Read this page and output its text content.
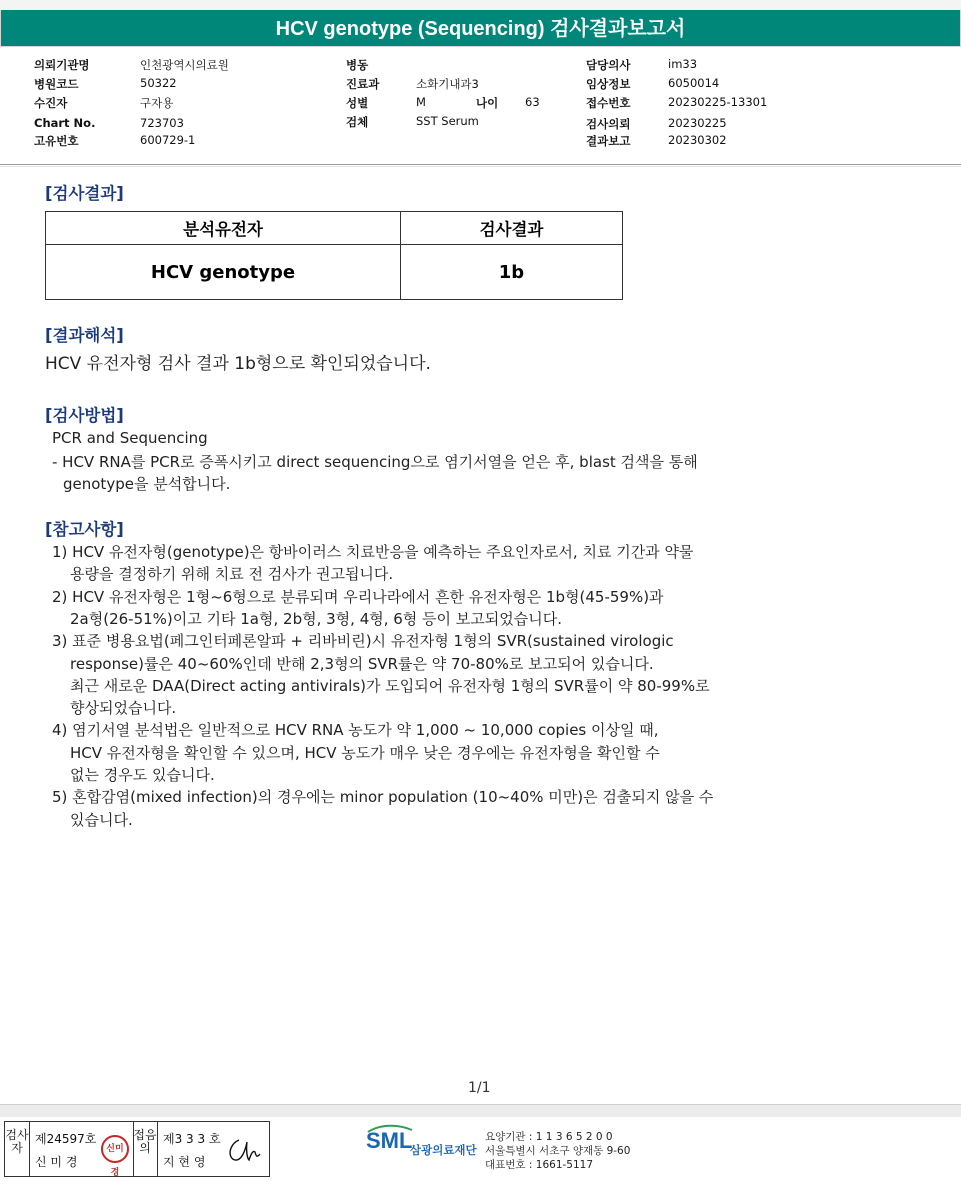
HCV genotype (Sequencing) 검사결과보고서
의뢰기관명	인천광역시의료원
병원코드	50322
수진자	구자용
Chart No.	723703
고유번호	600729-1
병동
진료과	소화기내과3
성별	M
검체	SST Serum
나이 63
담당의사	im33
임상정보	6050014
접수번호	20230225-13301
검사의뢰	20230225
결과보고	20230302
[검사결과]
분석유전자	검사결과
HCV genotype	1b
[결과해석]
HCV 유전자형 검사 결과 1b형으로 확인되었습니다.
[검사방법]
PCR and Sequencing
- HCV RNA를 PCR로 증폭시키고 direct sequencing으로 염기서열을 얻은 후, blast 검색을 통해
genotype을 분석합니다.
[참고사항]
1) HCV 유전자형(genotype)은 항바이러스 치료반응을 예측하는 주요인자로서, 치료 기간과 약물
용량을 결정하기 위해 치료 전 검사가 권고됩니다.
2) HCV 유전자형은 1형~6형으로 분류되며 우리나라에서 흔한 유전자형은 1b형(45-59%)과
2a형(26-51%)이고 기타 1a형, 2b형, 3형, 4형, 6형 등이 보고되었습니다.
3) 표준 병용요법(페그인터페론알파 + 리바비린)시 유전자형 1형의 SVR(sustained virologic
response)률은 40~60%인데 반해 2,3형의 SVR률은 약 70-80%로 보고되어 있습니다.
최근 새로운 DAA(Direct acting antivirals)가 도입되어 유전자형 1형의 SVR률이 약 80-99%로
향상되었습니다.
4) 염기서열 분석법은 일반적으로 HCV RNA 농도가 약 1,000 ~ 10,000 copies 이상일 때,
HCV 유전자형을 확인할 수 있으며, HCV 농도가 매우 낮은 경우에는 유전자형을 확인할 수
없는 경우도 있습니다.
5) 혼합감염(mixed infection)의 경우에는 minor population (10~40% 미만)은 검출되지 않을 수
있습니다.
1/1
검사자
제24597호
신 미 경
신미경
접음의
제3 3 3 호
지 현 영
SML
삼광의료재단
요양기관 : 1 1 3 6 5 2 0 0
서울특별시 서초구 양재동 9-60
대표번호 : 1661-5117
